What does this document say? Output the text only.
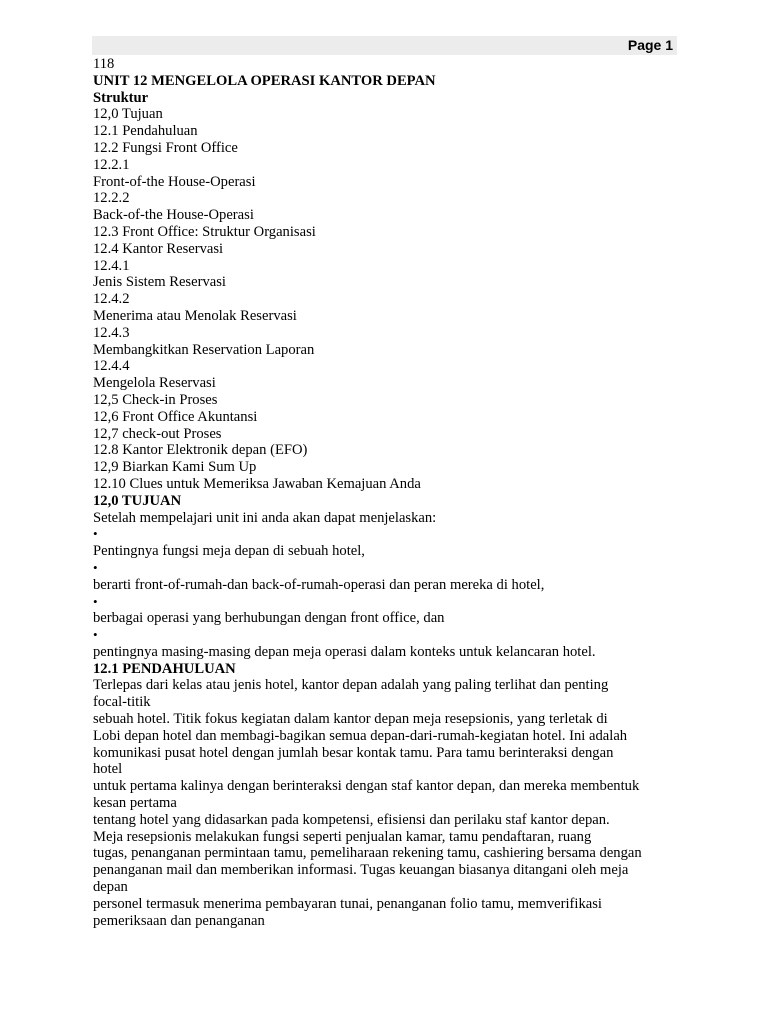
Page 1
118
UNIT 12 MENGELOLA OPERASI KANTOR DEPAN
Struktur
12,0 Tujuan
12.1 Pendahuluan
12.2 Fungsi Front Office
12.2.1
Front-of-the House-Operasi
12.2.2
Back-of-the House-Operasi
12.3 Front Office: Struktur Organisasi
12.4 Kantor Reservasi
12.4.1
Jenis Sistem Reservasi
12.4.2
Menerima atau Menolak Reservasi
12.4.3
Membangkitkan Reservation Laporan
12.4.4
Mengelola Reservasi
12,5 Check-in Proses
12,6 Front Office Akuntansi
12,7 check-out Proses
12.8 Kantor Elektronik depan (EFO)
12,9 Biarkan Kami Sum Up
12.10 Clues untuk Memeriksa Jawaban Kemajuan Anda
12,0 TUJUAN
Setelah mempelajari unit ini anda akan dapat menjelaskan:
•
Pentingnya fungsi meja depan di sebuah hotel,
•
berarti front-of-rumah-dan back-of-rumah-operasi dan peran mereka di hotel,
•
berbagai operasi yang berhubungan dengan front office, dan
•
pentingnya masing-masing depan meja operasi dalam konteks untuk kelancaran hotel.
12.1 PENDAHULUAN
Terlepas dari kelas atau jenis hotel, kantor depan adalah yang paling terlihat dan penting
focal-titik
sebuah hotel. Titik fokus kegiatan dalam kantor depan meja resepsionis, yang terletak di
Lobi depan hotel dan membagi-bagikan semua depan-dari-rumah-kegiatan hotel. Ini adalah
komunikasi pusat hotel dengan jumlah besar kontak tamu. Para tamu berinteraksi dengan
hotel
untuk pertama kalinya dengan berinteraksi dengan staf kantor depan, dan mereka membentuk
kesan pertama
tentang hotel yang didasarkan pada kompetensi, efisiensi dan perilaku staf kantor depan.
Meja resepsionis melakukan fungsi seperti penjualan kamar, tamu pendaftaran, ruang
tugas, penanganan permintaan tamu, pemeliharaan rekening tamu, cashiering bersama dengan
penanganan mail dan memberikan informasi. Tugas keuangan biasanya ditangani oleh meja
depan
personel termasuk menerima pembayaran tunai, penanganan folio tamu, memverifikasi
pemeriksaan dan penanganan
